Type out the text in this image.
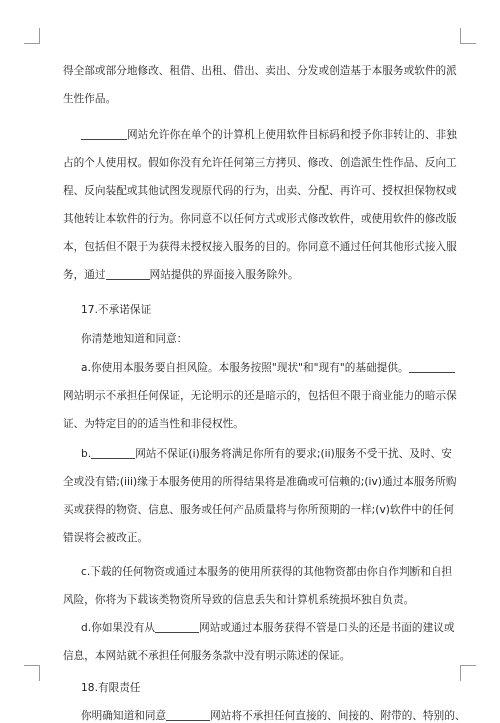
得全部或部分地修改、租借、出租、借出、卖出、分发或创造基于本服务或软件的派
生性作品。
网站允许你在单个的计算机上使用软件目标码和授予你非转让的、非独
占的个人使用权。假如你没有允许任何第三方拷贝、修改、创造派生性作品、反向工
程、反向装配或其他试图发现原代码的行为，出卖、分配、再许可、授权担保物权或
其他转让本软件的行为。你同意不以任何方式或形式修改软件，或使用软件的修改版
本，包括但不限于为获得未授权接入服务的目的。你同意不通过任何其他形式接入服
务，通过	网站提供的界面接入服务除外。
17.不承诺保证
你清楚地知道和同意：
a.你使用本服务要自担风险。本服务按照"现状"和"现有"的基础提供。
网站明示不承担任何保证，无论明示的还是暗示的，包括但不限于商业能力的暗示保
证、为特定目的的适当性和非侵权性。
b.	网站不保证(i)服务将满足你所有的要求;(ii)服务不受干扰、及时、安
全或没有错;(iii)缘于本服务使用的所得结果将是准确或可信赖的;(iv)通过本服务所购
买或获得的物资、信息、服务或任何产品质量将与你所预期的一样;(v)软件中的任何
错误将会被改正。
c.下载的任何物资或通过本服务的使用所获得的其他物资都由你自作判断和自担
风险，你将为下载该类物资所导致的信息丢失和计算机系统损坏独自负责。
d.你如果没有从	网站或通过本服务获得不管是口头的还是书面的建议或
信息，本网站就不承担任何服务条款中没有明示陈述的保证。
18.有限责任
你明确知道和同意	网站将不承担任何直接的、间接的、附带的、特别的、
